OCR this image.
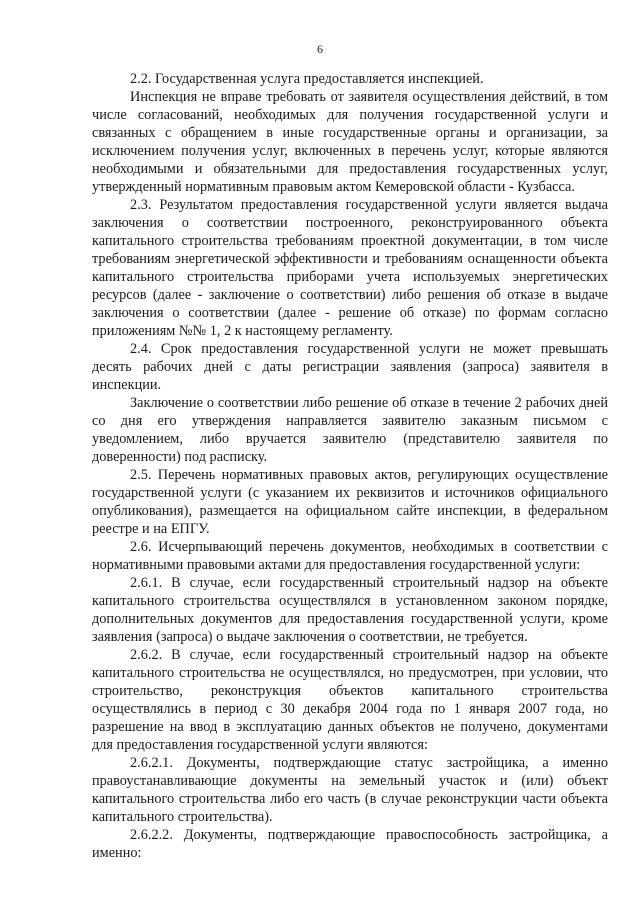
6

2.2. Государственная услуга предоставляется инспекцией.

Инспекция не вправе требовать от заявителя осуществления действий, в том числе согласований, необходимых для получения государственной услуги и связанных с обращением в иные государственные органы и организации, за исключением получения услуг, включенных в перечень услуг, которые являются необходимыми и обязательными для предоставления государственных услуг, утвержденный нормативным правовым актом Кемеровской области - Кузбасса.

2.3. Результатом предоставления государственной услуги является выдача заключения о соответствии построенного, реконструированного объекта капитального строительства требованиям проектной документации, в том числе требованиям энергетической эффективности и требованиям оснащенности объекта капитального строительства приборами учета используемых энергетических ресурсов (далее - заключение о соответствии) либо решения об отказе в выдаче заключения о соответствии (далее - решение об отказе) по формам согласно приложениям №№ 1, 2 к настоящему регламенту.

2.4. Срок предоставления государственной услуги не может превышать десять рабочих дней с даты регистрации заявления (запроса) заявителя в инспекции.

Заключение о соответствии либо решение об отказе в течение 2 рабочих дней со дня его утверждения направляется заявителю заказным письмом с уведомлением, либо вручается заявителю (представителю заявителя по доверенности) под расписку.

2.5. Перечень нормативных правовых актов, регулирующих осуществление государственной услуги (с указанием их реквизитов и источников официального опубликования), размещается на официальном сайте инспекции, в федеральном реестре и на ЕПГУ.

2.6. Исчерпывающий перечень документов, необходимых в соответствии с нормативными правовыми актами для предоставления государственной услуги:

2.6.1. В случае, если государственный строительный надзор на объекте капитального строительства осуществлялся в установленном законом порядке, дополнительных документов для предоставления государственной услуги, кроме заявления (запроса) о выдаче заключения о соответствии, не требуется.

2.6.2. В случае, если государственный строительный надзор на объекте капитального строительства не осуществлялся, но предусмотрен, при условии, что строительство, реконструкция объектов капитального строительства осуществлялись в период с 30 декабря 2004 года по 1 января 2007 года, но разрешение на ввод в эксплуатацию данных объектов не получено, документами для предоставления государственной услуги являются:

2.6.2.1. Документы, подтверждающие статус застройщика, а именно правоустанавливающие документы на земельный участок и (или) объект капитального строительства либо его часть (в случае реконструкции части объекта капитального строительства).

2.6.2.2. Документы, подтверждающие правоспособность застройщика, а именно:
